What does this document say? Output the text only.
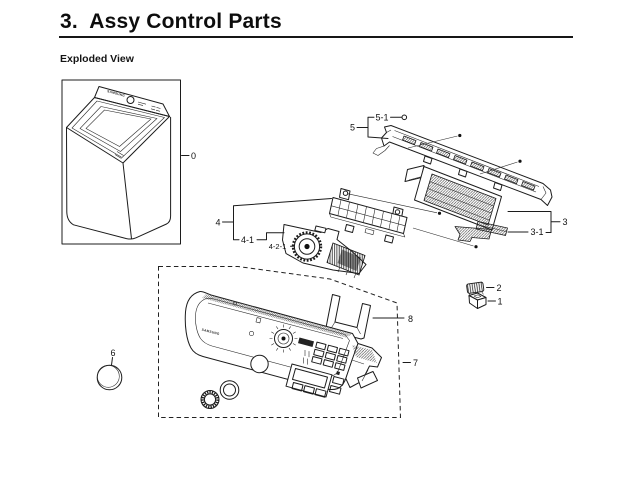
3.  Assy Control Parts
Exploded View
SAMSUNG
0
5
5-1
3
3-1
4
4-1
4-2-1
2
1
8
SAMSUNG
7
6
